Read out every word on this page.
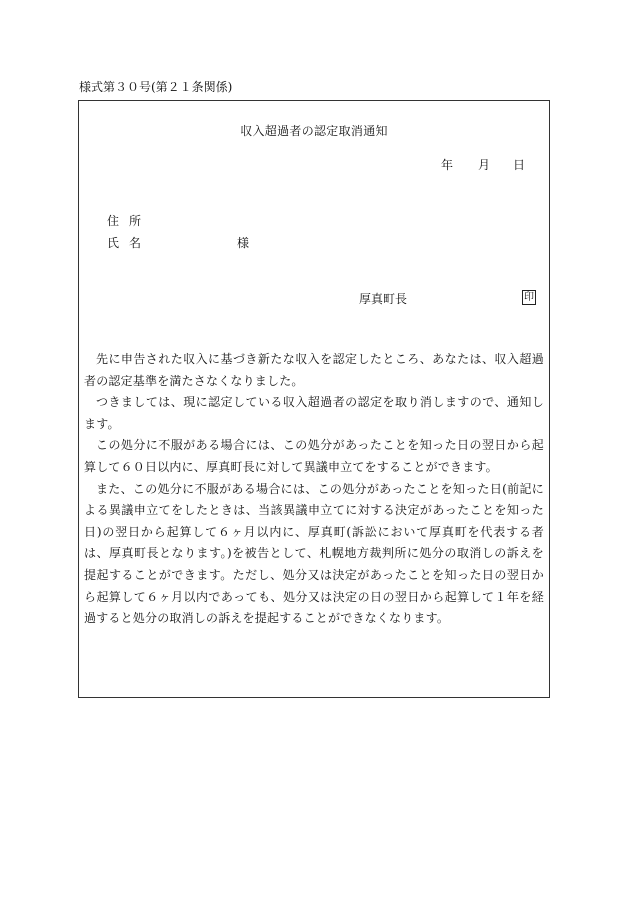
様式第３０号(第２１条関係)
収入超過者の認定取消通知
年 月 日
住所
氏名	様
厚真町長	印

先に申告された収入に基づき新たな収入を認定したところ、あなたは、収入超過者の認定基準を満たさなくなりました。

つきましては、現に認定している収入超過者の認定を取り消しますので、通知します。

この処分に不服がある場合には、この処分があったことを知った日の翌日から起算して６０日以内に、厚真町長に対して異議申立てをすることができます。

また、この処分に不服がある場合には、この処分があったことを知った日(前記による異議申立てをしたときは、当該異議申立てに対する決定があったことを知った日)の翌日から起算して６ヶ月以内に、厚真町(訴訟において厚真町を代表する者は、厚真町長となります。)を被告として、札幌地方裁判所に処分の取消しの訴えを提起することができます。ただし、処分又は決定があったことを知った日の翌日から起算して６ヶ月以内であっても、処分又は決定の日の翌日から起算して１年を経過すると処分の取消しの訴えを提起することができなくなります。
